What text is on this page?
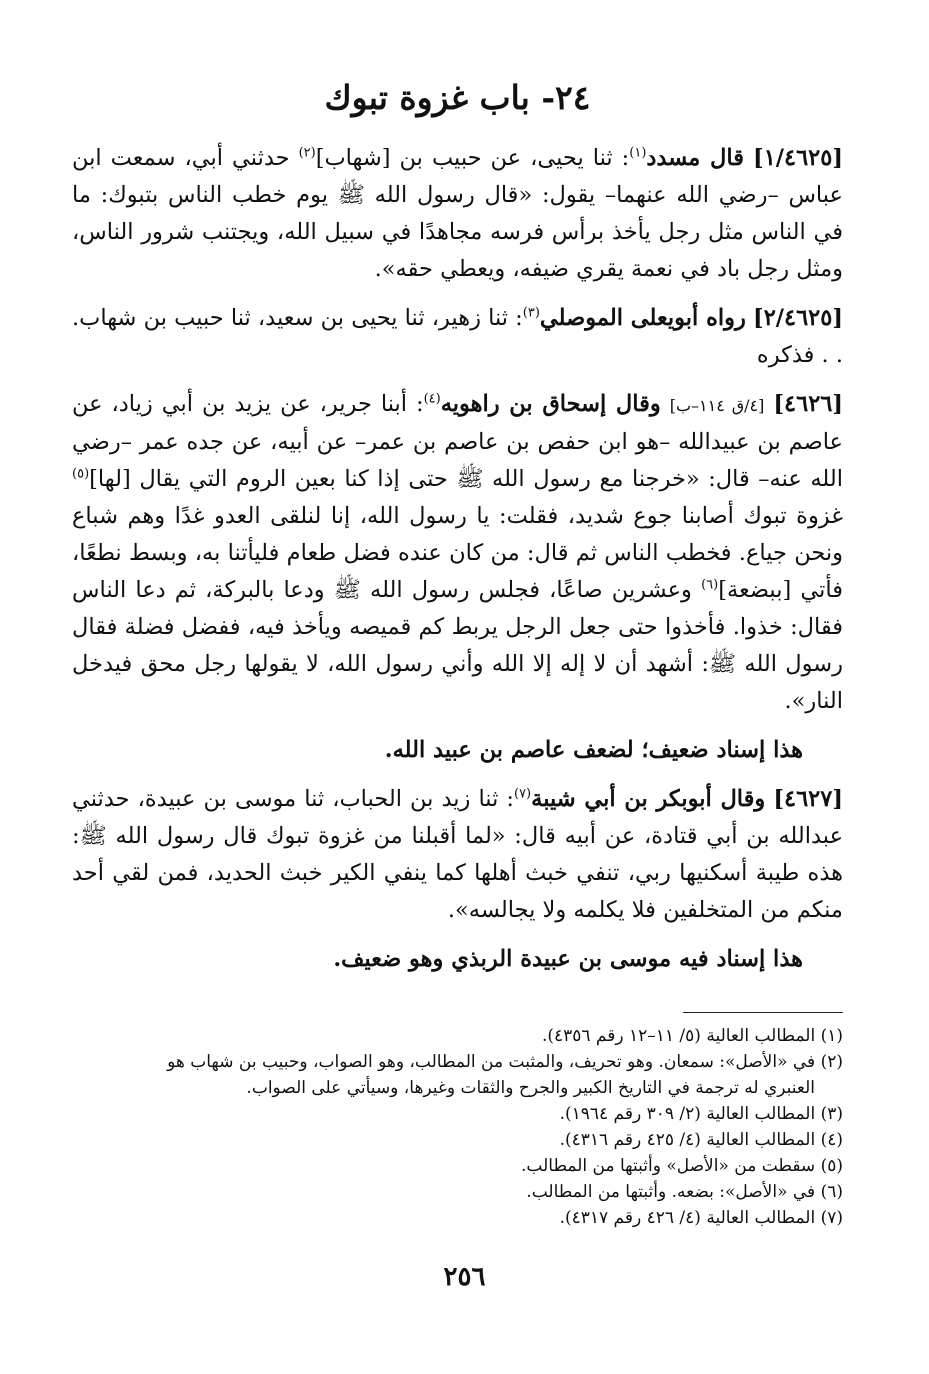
٢٤- باب غزوة تبوك

[١/٤٦٢٥] قال مسدد$^{(١)}$: ثنا يحيى، عن حبيب بن [شهاب]$^{(٢)}$ حدثني أبي، سمعت ابن عباس –رضي الله عنهما– يقول: «قال رسول الله ﷺ يوم خطب الناس بتبوك: ما في الناس مثل رجل يأخذ برأس فرسه مجاهدًا في سبيل الله، ويجتنب شرور الناس، ومثل رجل باد في نعمة يقري ضيفه، ويعطي حقه».

[٢/٤٦٢٥] رواه أبويعلى الموصلي$^{(٣)}$: ثنا زهير، ثنا يحيى بن سعيد، ثنا حبيب بن شهاب. . . فذكره

[٤٦٢٦] [٤/ق ١١٤–ب] وقال إسحاق بن راهويه$^{(٤)}$: أبنا جرير، عن يزيد بن أبي زياد، عن عاصم بن عبيدالله –هو ابن حفص بن عاصم بن عمر– عن أبيه، عن جده عمر –رضي الله عنه– قال: «خرجنا مع رسول الله ﷺ حتى إذا كنا بعين الروم التي يقال [لها]$^{(٥)}$ غزوة تبوك أصابنا جوع شديد، فقلت: يا رسول الله، إنا لنلقى العدو غدًا وهم شباع ونحن جياع. فخطب الناس ثم قال: من كان عنده فضل طعام فليأتنا به، وبسط نطعًا، فأتي [ببضعة]$^{(٦)}$ وعشرين صاعًا، فجلس رسول الله ﷺ ودعا بالبركة، ثم دعا الناس فقال: خذوا. فأخذوا حتى جعل الرجل يربط كم قميصه ويأخذ فيه، ففضل فضلة فقال رسول الله ﷺ: أشهد أن لا إله إلا الله وأني رسول الله، لا يقولها رجل محق فيدخل النار».

هذا إسناد ضعيف؛ لضعف عاصم بن عبيد الله.

[٤٦٢٧] وقال أبوبكر بن أبي شيبة$^{(٧)}$: ثنا زيد بن الحباب، ثنا موسى بن عبيدة، حدثني عبدالله بن أبي قتادة، عن أبيه قال: «لما أقبلنا من غزوة تبوك قال رسول الله ﷺ: هذه طيبة أسكنيها ربي، تنفي خبث أهلها كما ينفي الكير خبث الحديد، فمن لقي أحد منكم من المتخلفين فلا يكلمه ولا يجالسه».

هذا إسناد فيه موسى بن عبيدة الربذي وهو ضعيف.

(١) المطالب العالية (٥/ ١١–١٢ رقم ٤٣٥٦).

(٢) في «الأصل»: سمعان. وهو تحريف، والمثبت من المطالب، وهو الصواب، وحبيب بن شهاب هو

العنبري له ترجمة في التاريخ الكبير والجرح والثقات وغيرها، وسيأتي على الصواب.

(٣) المطالب العالية (٢/ ٣٠٩ رقم ١٩٦٤).

(٤) المطالب العالية (٤/ ٤٢٥ رقم ٤٣١٦).

(٥) سقطت من «الأصل» وأثبتها من المطالب.

(٦) في «الأصل»: بضعه. وأثبتها من المطالب.

(٧) المطالب العالية (٤/ ٤٢٦ رقم ٤٣١٧).

٢٥٦
